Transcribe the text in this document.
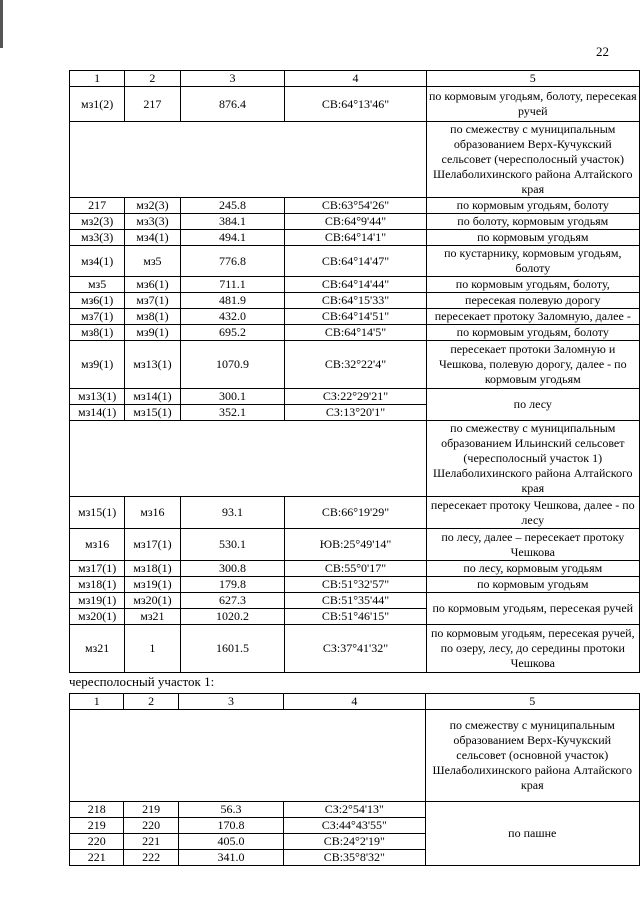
22
1	2	3	4	5
мз1(2)	217	876.4	СВ:64°13'46"	по кормовым угодьям, болоту, пересекая ручей
				по смежеству с муниципальным образованием Верх-Кучукский сельсовет (чересполосный участок) Шелаболихинского района Алтайского края
217	мз2(3)	245.8	СВ:63°54'26"	по кормовым угодьям, болоту
мз2(3)	мз3(3)	384.1	СВ:64°9'44"	по болоту, кормовым угодьям
мз3(3)	мз4(1)	494.1	СВ:64°14'1"	по кормовым угодьям
мз4(1)	мз5	776.8	СВ:64°14'47"	по кустарнику, кормовым угодьям, болоту
мз5	мз6(1)	711.1	СВ:64°14'44"	по кормовым угодьям, болоту,
мз6(1)	мз7(1)	481.9	СВ:64°15'33"	пересекая полевую дорогу
мз7(1)	мз8(1)	432.0	СВ:64°14'51"	пересекает протоку Заломную, далее -
мз8(1)	мз9(1)	695.2	СВ:64°14'5"	по кормовым угодьям, болоту
мз9(1)	мз13(1)	1070.9	СВ:32°22'4"	пересекает протоки Заломную и Чешкова, полевую дорогу, далее - по кормовым угодьям
мз13(1)	мз14(1)	300.1	СЗ:22°29'21"	по лесу
мз14(1)	мз15(1)	352.1	СЗ:13°20'1"	
				по смежеству с муниципальным образованием Ильинский сельсовет (чересполосный участок 1) Шелаболихинского района Алтайского края
мз15(1)	мз16	93.1	СВ:66°19'29"	пересекает протоку Чешкова, далее - по лесу
мз16	мз17(1)	530.1	ЮВ:25°49'14"	по лесу, далее – пересекает протоку Чешкова
мз17(1)	мз18(1)	300.8	СВ:55°0'17"	по лесу, кормовым угодьям
мз18(1)	мз19(1)	179.8	СВ:51°32'57"	по кормовым угодьям
мз19(1)	мз20(1)	627.3	СВ:51°35'44"	по кормовым угодьям, пересекая ручей
мз20(1)	мз21	1020.2	СВ:51°46'15"	
мз21	1	1601.5	СЗ:37°41'32"	по кормовым угодьям, пересекая ручей, по озеру, лесу, до середины протоки Чешкова
чересполосный участок 1:
1	2	3	4	5
				по смежеству с муниципальным образованием Верх-Кучукский сельсовет (основной участок) Шелаболихинского района Алтайского края
218	219	56.3	СЗ:2°54'13"	по пашне
219	220	170.8	СЗ:44°43'55"	
220	221	405.0	СВ:24°2'19"	
221	222	341.0	СВ:35°8'32"	
